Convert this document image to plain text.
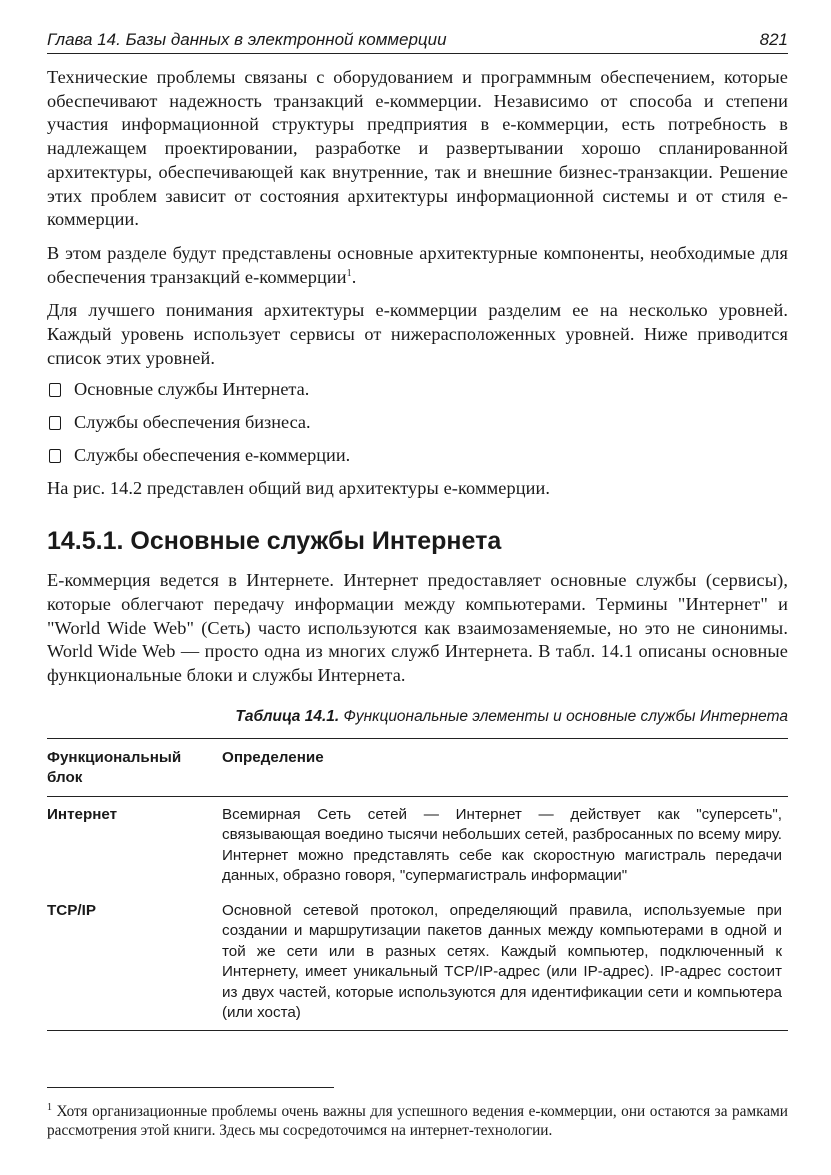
Глава 14. Базы данных в электронной коммерции	821

Технические проблемы связаны с оборудованием и программным обеспечением, которые обеспечивают надежность транзакций е-коммерции. Независимо от способа и степени участия информационной структуры предприятия в е-коммерции, есть потребность в надлежащем проектировании, разработке и развертывании хорошо спланированной архитектуры, обеспечивающей как внутренние, так и внешние бизнес-транзакции. Решение этих проблем зависит от состояния архитектуры информационной системы и от стиля е-коммерции.

В этом разделе будут представлены основные архитектурные компоненты, необходимые для обеспечения транзакций е-коммерции$^1$.

Для лучшего понимания архитектуры е-коммерции разделим ее на несколько уровней. Каждый уровень использует сервисы от нижерасположенных уровней. Ниже приводится список этих уровней.

Основные службы Интернета.
Службы обеспечения бизнеса.
Службы обеспечения е-коммерции.

На рис. 14.2 представлен общий вид архитектуры е-коммерции.

14.5.1. Основные службы Интернета

Е-коммерция ведется в Интернете. Интернет предоставляет основные службы (сервисы), которые облегчают передачу информации между компьютерами. Термины "Интернет" и "World Wide Web" (Сеть) часто используются как взаимозаменяемые, но это не синонимы. World Wide Web — просто одна из многих служб Интернета. В табл. 14.1 описаны основные функциональные блоки и службы Интернета.

Таблица 14.1. Функциональные элементы и основные службы Интернета
Функциональный блок	Определение
Интернет	Всемирная Сеть сетей — Интернет — действует как "суперсеть", связывающая воедино тысячи небольших сетей, разбросанных по всему миру. Интернет можно представлять себе как скоростную магистраль передачи данных, образно говоря, "супермагистраль информации"
TCP/IP	Основной сетевой протокол, определяющий правила, используемые при создании и маршрутизации пакетов данных между компьютерами в одной и той же сети или в разных сетях. Каждый компьютер, подключенный к Интернету, имеет уникальный TCP/IP-адрес (или IP-адрес). IP-адрес состоит из двух частей, которые используются для идентификации сети и компьютера (или хоста)

$^1$ Хотя организационные проблемы очень важны для успешного ведения е-коммерции, они остаются за рамками рассмотрения этой книги. Здесь мы сосредоточимся на интернет-технологии.
